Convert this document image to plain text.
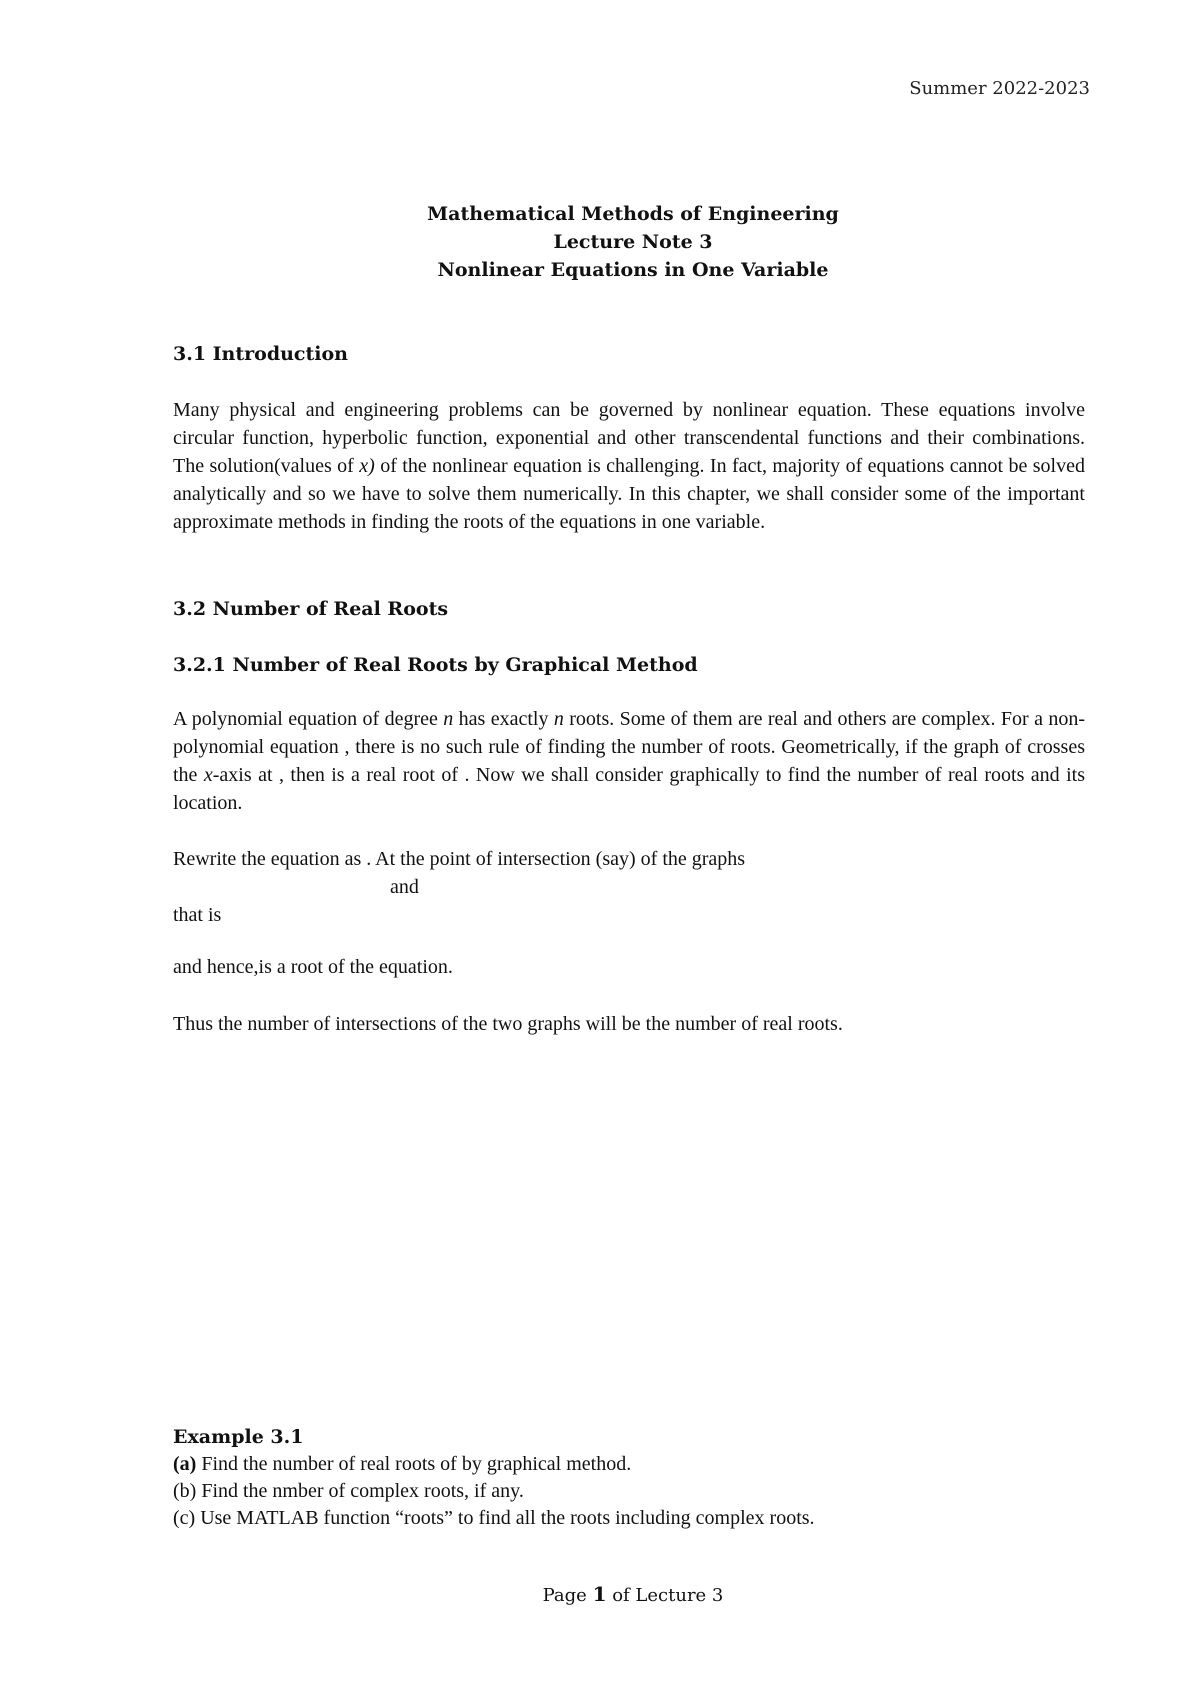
Summer 2022-2023
Mathematical Methods of Engineering
Lecture Note 3
Nonlinear Equations in One Variable
3.1 Introduction

Many physical and engineering problems can be governed by nonlinear equation. These equations involve circular function, hyperbolic function, exponential and other transcendental functions and their combinations. The solution(values of x) of the nonlinear equation is challenging. In fact, majority of equations cannot be solved analytically and so we have to solve them numerically. In this chapter, we shall consider some of the important approximate methods in finding the roots of the equations in one variable.

3.2 Number of Real Roots
3.2.1 Number of Real Roots by Graphical Method

A polynomial equation of degree n has exactly n roots. Some of them are real and others are complex. For a non-polynomial equation , there is no such rule of finding the number of roots. Geometrically, if the graph of crosses the x-axis at , then is a real root of . Now we shall consider graphically to find the number of real roots and its location.

Rewrite the equation as . At the point of intersection (say) of the graphs
and
that is
and hence,is a root of the equation.
Thus the number of intersections of the two graphs will be the number of real roots.
Example 3.1
(a) Find the number of real roots of by graphical method.
(b) Find the nmber of complex roots, if any.
(c) Use MATLAB function “roots” to find all the roots including complex roots.
Page 1 of Lecture 3
